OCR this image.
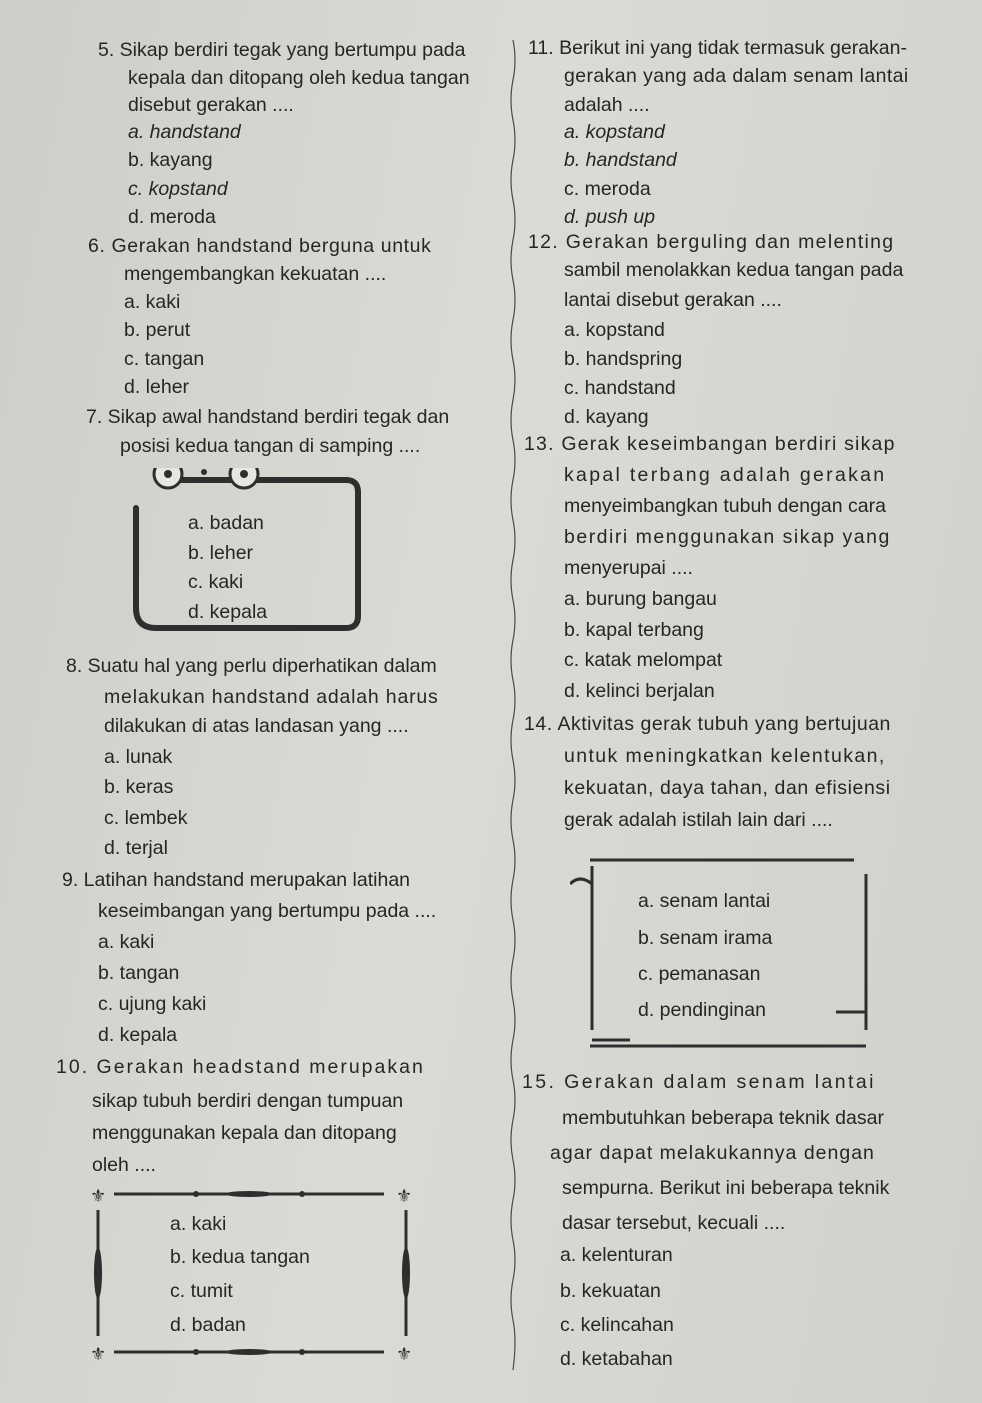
5. Sikap berdiri tegak yang bertumpu pada
kepala dan ditopang oleh kedua tangan
disebut gerakan ....
a. handstand
b. kayang
c. kopstand
d. meroda
6. Gerakan handstand berguna untuk
mengembangkan kekuatan ....
a. kaki
b. perut
c. tangan
d. leher
7. Sikap awal handstand berdiri tegak dan
posisi kedua tangan di samping ....
a. badan
b. leher
c. kaki
d. kepala
8. Suatu hal yang perlu diperhatikan dalam
melakukan handstand adalah harus
dilakukan di atas landasan yang ....
a. lunak
b. keras
c. lembek
d. terjal
9. Latihan handstand merupakan latihan
keseimbangan yang bertumpu pada ....
a. kaki
b. tangan
c. ujung kaki
d. kepala
10. Gerakan headstand merupakan
sikap tubuh berdiri dengan tumpuan
menggunakan kepala dan ditopang
oleh ....
⚜	⚜
⚜	⚜
a. kaki
b. kedua tangan
c. tumit
d. badan
11. Berikut ini yang tidak termasuk gerakan-
gerakan yang ada dalam senam lantai
adalah ....
a. kopstand
b. handstand
c. meroda
d. push up
12. Gerakan berguling dan melenting
sambil menolakkan kedua tangan pada
lantai disebut gerakan ....
a. kopstand
b. handspring
c. handstand
d. kayang
13. Gerak keseimbangan berdiri sikap
kapal terbang adalah gerakan
menyeimbangkan tubuh dengan cara
berdiri menggunakan sikap yang
menyerupai ....
a. burung bangau
b. kapal terbang
c. katak melompat
d. kelinci berjalan
14. Aktivitas gerak tubuh yang bertujuan
untuk meningkatkan kelentukan,
kekuatan, daya tahan, dan efisiensi
gerak adalah istilah lain dari ....
a. senam lantai
b. senam irama
c. pemanasan
d. pendinginan
15. Gerakan dalam senam lantai
membutuhkan beberapa teknik dasar
agar dapat melakukannya dengan
sempurna. Berikut ini beberapa teknik
dasar tersebut, kecuali ....
a. kelenturan
b. kekuatan
c. kelincahan
d. ketabahan
